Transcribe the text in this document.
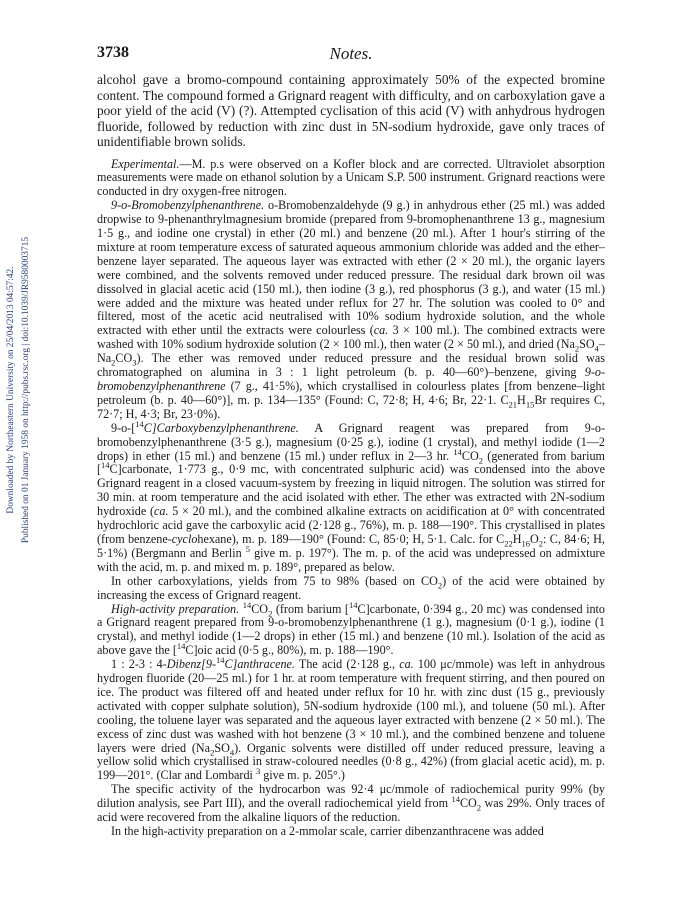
3738	Notes.
Downloaded by Northeastern University on 25/04/2013 04:57:42. Published on 01 January 1958 on http://pubs.rsc.org | doi:10.1039/JR9580003715

alcohol gave a bromo-compound containing approximately 50% of the expected bromine content. The compound formed a Grignard reagent with difficulty, and on carboxylation gave a poor yield of the acid (V) (?). Attempted cyclisation of this acid (V) with anhydrous hydrogen fluoride, followed by reduction with zinc dust in 5N-sodium hydroxide, gave only traces of unidentifiable brown solids.

Experimental.—M. p.s were observed on a Kofler block and are corrected. Ultraviolet absorption measurements were made on ethanol solution by a Unicam S.P. 500 instrument. Grignard reactions were conducted in dry oxygen-free nitrogen.

9-o-Bromobenzylphenanthrene. o-Bromobenzaldehyde (9 g.) in anhydrous ether (25 ml.) was added dropwise to 9-phenanthrylmagnesium bromide (prepared from 9-bromophenanthrene 13 g., magnesium 1·5 g., and iodine one crystal) in ether (20 ml.) and benzene (20 ml.). After 1 hour's stirring of the mixture at room temperature excess of saturated aqueous ammonium chloride was added and the ether–benzene layer separated. The aqueous layer was extracted with ether (2 × 20 ml.), the organic layers were combined, and the solvents removed under reduced pressure. The residual dark brown oil was dissolved in glacial acetic acid (150 ml.), then iodine (3 g.), red phosphorus (3 g.), and water (15 ml.) were added and the mixture was heated under reflux for 27 hr. The solution was cooled to 0° and filtered, most of the acetic acid neutralised with 10% sodium hydroxide solution, and the whole extracted with ether until the extracts were colourless (ca. 3 × 100 ml.). The combined extracts were washed with 10% sodium hydroxide solution (2 × 100 ml.), then water (2 × 50 ml.), and dried $(Na_2SO_4-Na_2CO_3)$. The ether was removed under reduced pressure and the residual brown solid was chromatographed on alumina in 3 : 1 light petroleum (b. p. 40—60°)–benzene, giving 9-o-bromobenzylphenanthrene (7 g., 41·5%), which crystallised in colourless plates [from benzene–light petroleum (b. p. 40—60°)], m. p. 134—135° (Found: C, 72·8; H, 4·6; Br, 22·1. $C_{21}H_{15}Br$ requires C, 72·7; H, 4·3; Br, 23·0%).

9-o-[$^{14}$C]Carboxybenzylphenanthrene. A Grignard reagent was prepared from 9-o-bromobenzylphenanthrene (3·5 g.), magnesium (0·25 g.), iodine (1 crystal), and methyl iodide (1—2 drops) in ether (15 ml.) and benzene (15 ml.) under reflux in 2—3 hr. $^{14}CO_2$ (generated from barium [$^{14}$C]carbonate, 1·773 g., 0·9 mc, with concentrated sulphuric acid) was condensed into the above Grignard reagent in a closed vacuum-system by freezing in liquid nitrogen. The solution was stirred for 30 min. at room temperature and the acid isolated with ether. The ether was extracted with 2N-sodium hydroxide (ca. 5 × 20 ml.), and the combined alkaline extracts on acidification at 0° with concentrated hydrochloric acid gave the carboxylic acid (2·128 g., 76%), m. p. 188—190°. This crystallised in plates (from benzene-cyclohexane), m. p. 189—190° (Found: C, 85·0; H, 5·1. Calc. for $C_{22}H_{16}O_2$: C, 84·6; H, 5·1%) (Bergmann and Berlin $^5$ give m. p. 197°). The m. p. of the acid was undepressed on admixture with the acid, m. p. and mixed m. p. 189°, prepared as below.

In other carboxylations, yields from 75 to 98% (based on $CO_2$) of the acid were obtained by increasing the excess of Grignard reagent.

High-activity preparation. $^{14}CO_2$ (from barium [$^{14}$C]carbonate, 0·394 g., 20 mc) was condensed into a Grignard reagent prepared from 9-o-bromobenzylphenanthrene (1 g.), magnesium (0·1 g.), iodine (1 crystal), and methyl iodide (1—2 drops) in ether (15 ml.) and benzene (10 ml.). Isolation of the acid as above gave the [$^{14}$C]oic acid (0·5 g., 80%), m. p. 188—190°.

1 : 2-3 : 4-Dibenz[9-$^{14}$C]anthracene. The acid (2·128 g., ca. 100 μc/mmole) was left in anhydrous hydrogen fluoride (20—25 ml.) for 1 hr. at room temperature with frequent stirring, and then poured on ice. The product was filtered off and heated under reflux for 10 hr. with zinc dust (15 g., previously activated with copper sulphate solution), 5N-sodium hydroxide (100 ml.), and toluene (50 ml.). After cooling, the toluene layer was separated and the aqueous layer extracted with benzene (2 × 50 ml.). The excess of zinc dust was washed with hot benzene (3 × 10 ml.), and the combined benzene and toluene layers were dried $(Na_2SO_4)$. Organic solvents were distilled off under reduced pressure, leaving a yellow solid which crystallised in straw-coloured needles (0·8 g., 42%) (from glacial acetic acid), m. p. 199—201°. (Clar and Lombardi $^3$ give m. p. 205°.)

The specific activity of the hydrocarbon was 92·4 μc/mmole of radiochemical purity 99% (by dilution analysis, see Part III), and the overall radiochemical yield from $^{14}CO_2$ was 29%. Only traces of acid were recovered from the alkaline liquors of the reduction.

In the high-activity preparation on a 2-mmolar scale, carrier dibenzanthracene was added
